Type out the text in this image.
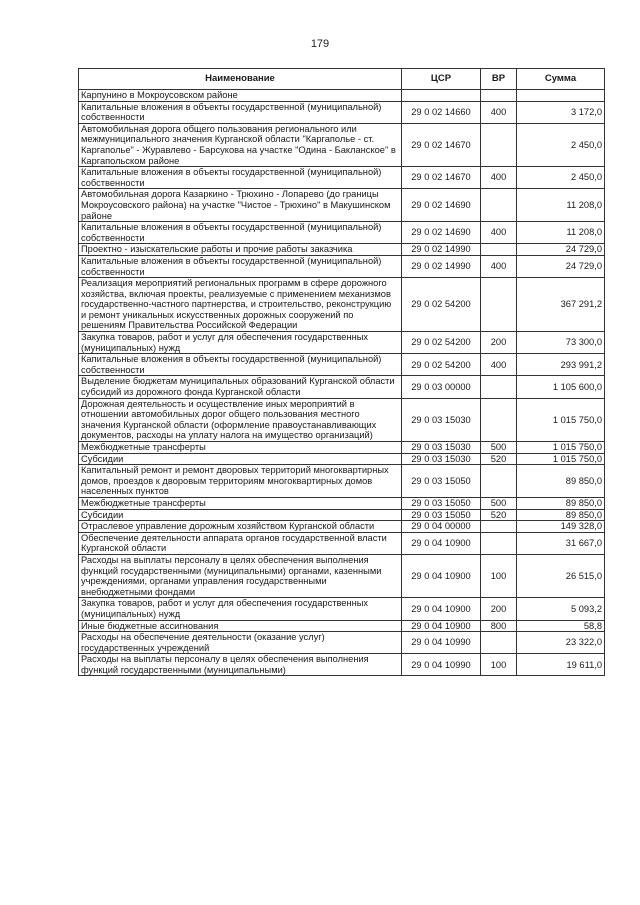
179
Наименование	ЦСР	ВР	Сумма
Карпунино в Мокроусовском районе			
Капитальные вложения в объекты государственной (муниципальной) собственности	29 0 02 14660	400	3 172,0
Автомобильная дорога общего пользования регионального или межмуниципального значения Курганской области "Каргаполье - ст. Каргаполье" - Журавлево - Барсукова на участке "Одина - Бакланское" в Каргапольском районе	29 0 02 14670		2 450,0
Капитальные вложения в объекты государственной (муниципальной) собственности	29 0 02 14670	400	2 450,0
Автомобильная дорога Казаркино - Трюхино - Лопарево (до границы Мокроусовского района) на участке "Чистое - Трюхино" в Макушинском районе	29 0 02 14690		11 208,0
Капитальные вложения в объекты государственной (муниципальной) собственности	29 0 02 14690	400	11 208,0
Проектно - изыскательские работы и прочие работы заказчика	29 0 02 14990		24 729,0
Капитальные вложения в объекты государственной (муниципальной) собственности	29 0 02 14990	400	24 729,0
Реализация мероприятий региональных программ в сфере дорожного хозяйства, включая проекты, реализуемые с применением механизмов государственно-частного партнерства, и строительство, реконструкцию и ремонт уникальных искусственных дорожных сооружений по решениям Правительства Российской Федерации	29 0 02 54200		367 291,2
Закупка товаров, работ и услуг для обеспечения государственных (муниципальных) нужд	29 0 02 54200	200	73 300,0
Капитальные вложения в объекты государственной (муниципальной) собственности	29 0 02 54200	400	293 991,2
Выделение бюджетам муниципальных образований Курганской области субсидий из дорожного фонда Курганской области	29 0 03 00000		1 105 600,0
Дорожная деятельность и осуществление иных мероприятий в отношении автомобильных дорог общего пользования местного значения Курганской области (оформление правоустанавливающих документов, расходы на уплату налога на имущество организаций)	29 0 03 15030		1 015 750,0
Межбюджетные трансферты	29 0 03 15030	500	1 015 750,0
Субсидии	29 0 03 15030	520	1 015 750,0
Капитальный ремонт и ремонт дворовых территорий многоквартирных домов, проездов к дворовым территориям многоквартирных домов населенных пунктов	29 0 03 15050		89 850,0
Межбюджетные трансферты	29 0 03 15050	500	89 850,0
Субсидии	29 0 03 15050	520	89 850,0
Отраслевое управление дорожным хозяйством Курганской области	29 0 04 00000		149 328,0
Обеспечение деятельности аппарата органов государственной власти Курганской области	29 0 04 10900		31 667,0
Расходы на выплаты персоналу в целях обеспечения выполнения функций государственными (муниципальными) органами, казенными учреждениями, органами управления государственными внебюджетными фондами	29 0 04 10900	100	26 515,0
Закупка товаров, работ и услуг для обеспечения государственных (муниципальных) нужд	29 0 04 10900	200	5 093,2
Иные бюджетные ассигнования	29 0 04 10900	800	58,8
Расходы на обеспечение деятельности (оказание услуг) государственных учреждений	29 0 04 10990		23 322,0
Расходы на выплаты персоналу в целях обеспечения выполнения функций государственными (муниципальными)	29 0 04 10990	100	19 611,0
